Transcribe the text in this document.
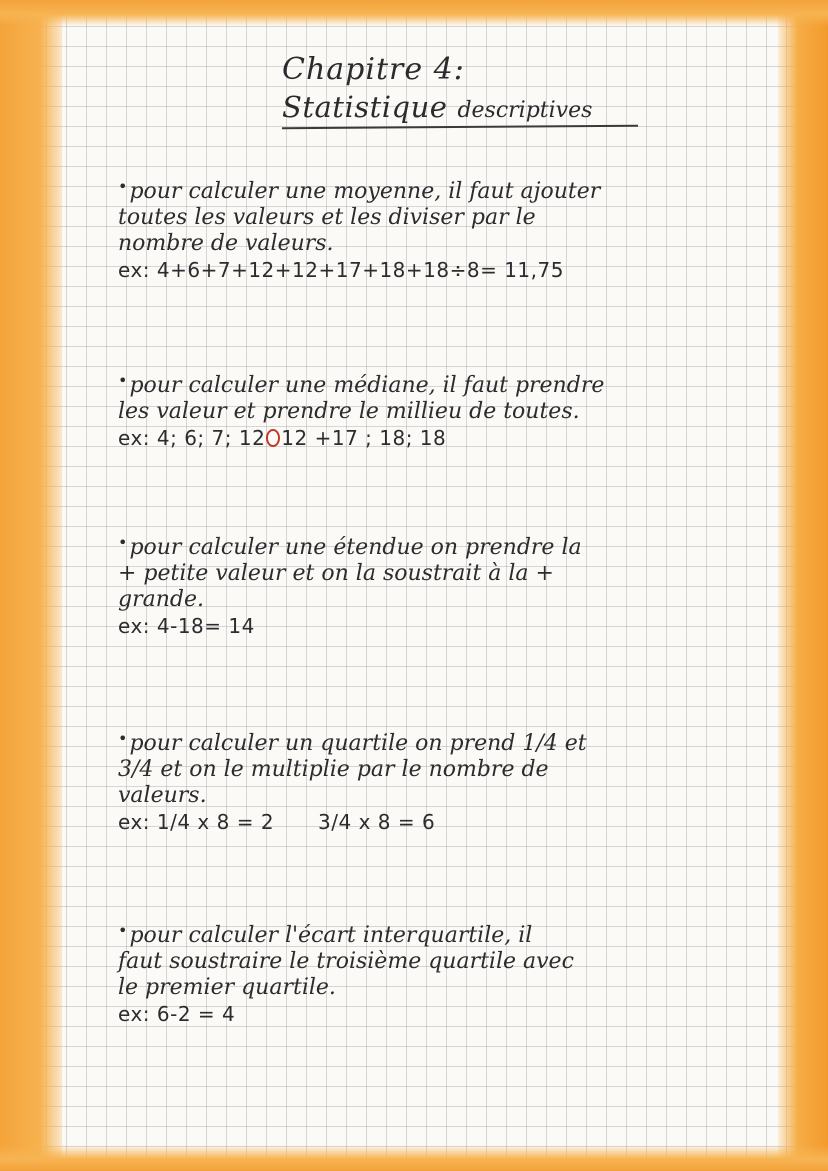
Chapitre 4:
Statistique descriptives

•pour calculer une moyenne, il faut ajouter

toutes les valeurs et les diviser par le

nombre de valeurs.

ex: 4+6+7+12+12+17+18+18÷8= 11,75

•pour calculer une médiane, il faut prendre

les valeur et prendre le millieu de toutes.

ex: 4; 6; 7; 12 12 +17 ; 18; 18

•pour calculer une étendue on prendre la

+ petite valeur et on la soustrait à la +

grande.

ex: 4-18= 14

•pour calculer un quartile on prend 1/4 et

3/4 et on le multiplie par le nombre de

valeurs.

ex: 1/4 x 8 = 2 3/4 x 8 = 6

•pour calculer l'écart interquartile, il

faut soustraire le troisième quartile avec

le premier quartile.

ex: 6-2 = 4
